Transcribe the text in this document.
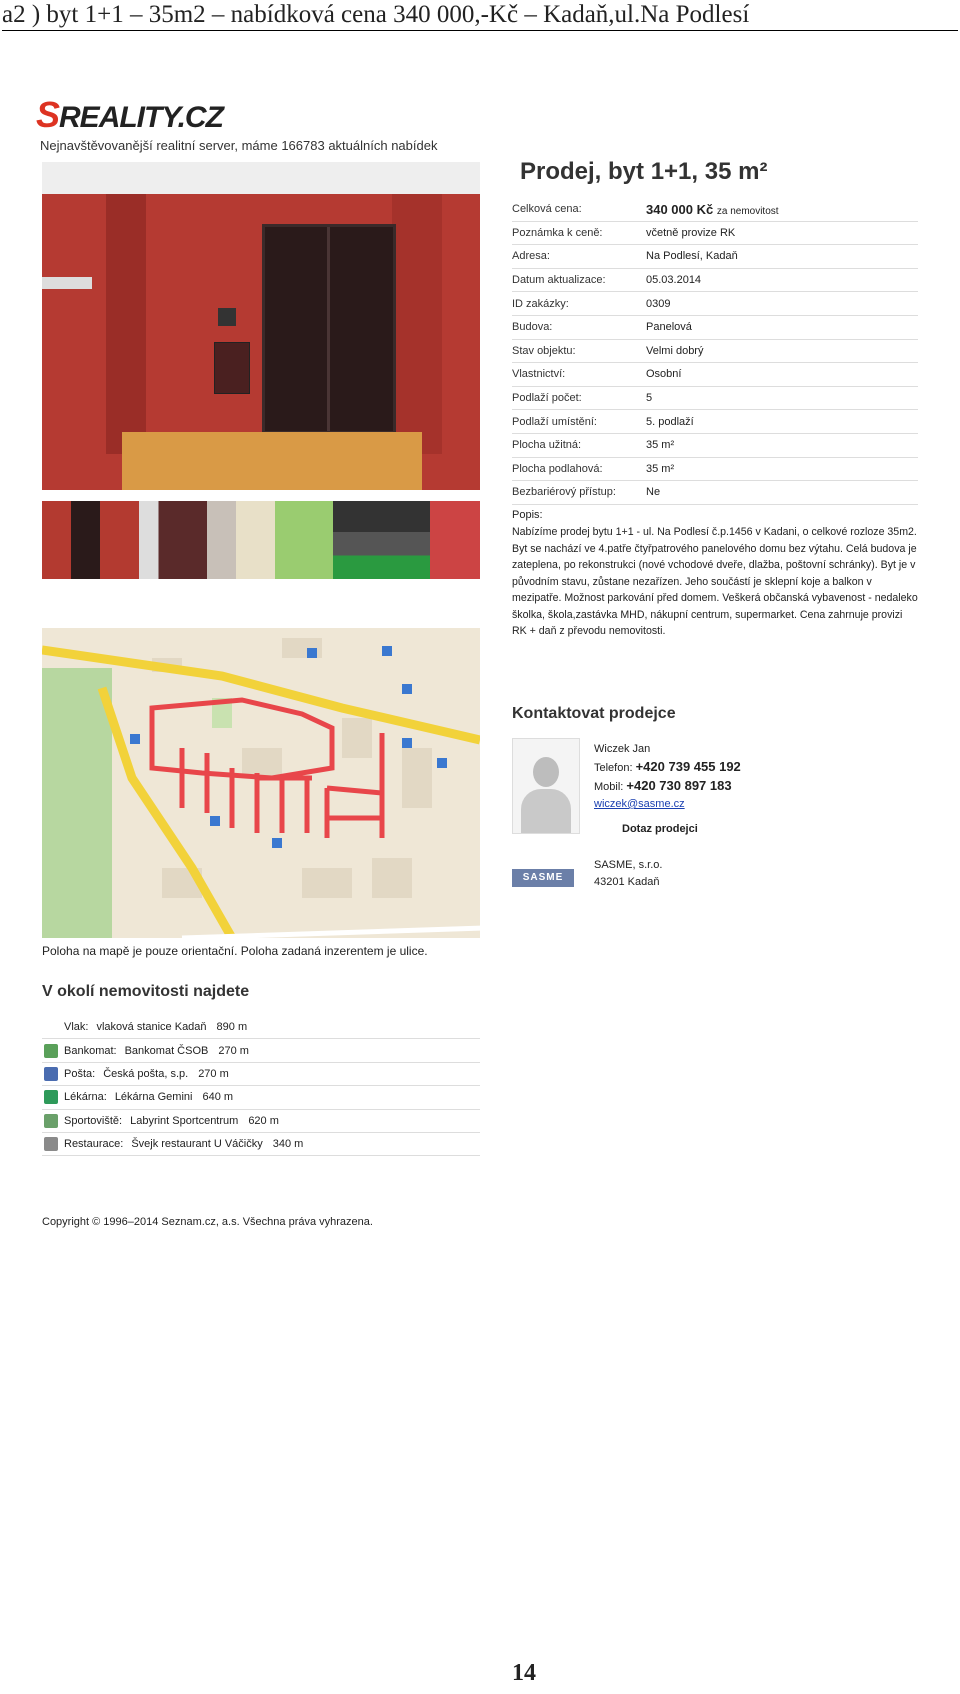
a2 ) byt 1+1 – 35m2 – nabídková cena 340 000,-Kč – Kadaň,ul.Na Podlesí
SREALITY.CZ
Nejnavštěvovanější realitní server, máme 166783 aktuálních nabídek
Poloha na mapě je pouze orientační. Poloha zadaná inzerentem je ulice.
Prodej, byt 1+1, 35 m²
Celková cena:	340 000 Kč za nemovitost
Poznámka k ceně:	včetně provize RK
Adresa:	Na Podlesí, Kadaň
Datum aktualizace:	05.03.2014
ID zakázky:	0309
Budova:	Panelová
Stav objektu:	Velmi dobrý
Vlastnictví:	Osobní
Podlaží počet:	5
Podlaží umístění:	5. podlaží
Plocha užitná:	35 m²
Plocha podlahová:	35 m²
Bezbariérový přístup:	Ne
Popis:
Nabízíme prodej bytu 1+1 - ul. Na Podlesí č.p.1456 v Kadani, o celkové rozloze 35m2. Byt se nachází ve 4.patře čtyřpatrového panelového domu bez výtahu. Celá budova je zateplena, po rekonstrukci (nové vchodové dveře, dlažba, poštovní schránky). Byt je v původním stavu, zůstane nezařízen. Jeho součástí je sklepní koje a balkon v mezipatře. Možnost parkování před domem. Veškerá občanská vybavenost - nedaleko školka, škola,zastávka MHD, nákupní centrum, supermarket. Cena zahrnuje provizi RK + daň z převodu nemovitosti.
Kontaktovat prodejce
Wiczek Jan
Telefon: +420 739 455 192
Mobil: +420 730 897 183
wiczek@sasme.cz
Dotaz prodejci
SASME
SASME, s.r.o.
43201 Kadaň
V okolí nemovitosti najdete
Vlak: vlaková stanice Kadaň 890 m
Bankomat: Bankomat ČSOB 270 m
Pošta: Česká pošta, s.p. 270 m
Lékárna: Lékárna Gemini 640 m
Sportoviště: Labyrint Sportcentrum 620 m
Restaurace: Švejk restaurant U Váčičky 340 m
Copyright © 1996–2014 Seznam.cz, a.s. Všechna práva vyhrazena.
14
